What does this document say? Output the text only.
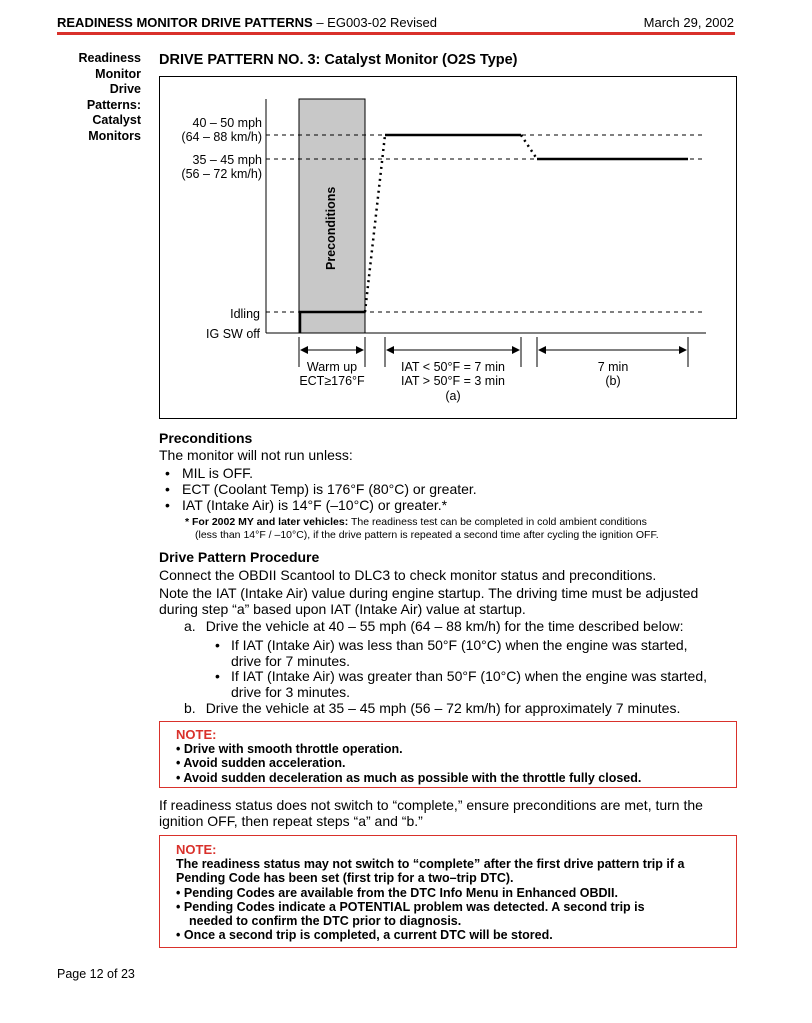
READINESS MONITOR DRIVE PATTERNS – EG003-02 Revised	March 29, 2002
Readiness
Monitor
Drive
Patterns:
Catalyst
Monitors
DRIVE PATTERN NO. 3: Catalyst Monitor (O2S Type)
Preconditions
40 – 50 mph
(64 – 88 km/h)
35 – 45 mph
(56 – 72 km/h)
Idling
IG SW off
Warm up
ECT≥176°F
IAT < 50°F = 7 min
IAT > 50°F = 3 min
(a)
7 min
(b)
Preconditions
The monitor will not run unless:
• MIL is OFF.
• ECT (Coolant Temp) is 176°F (80°C) or greater.
• IAT (Intake Air) is 14°F (–10°C) or greater.*
* For 2002 MY and later vehicles: The readiness test can be completed in cold ambient conditions
(less than 14°F / –10°C), if the drive pattern is repeated a second time after cycling the ignition OFF.
Drive Pattern Procedure
Connect the OBDII Scantool to DLC3 to check monitor status and preconditions.
Note the IAT (Intake Air) value during engine startup. The driving time must be adjusted
during step “a” based upon IAT (Intake Air) value at startup.
a. Drive the vehicle at 40 – 55 mph (64 – 88 km/h) for the time described below:
• If IAT (Intake Air) was less than 50°F (10°C) when the engine was started,
drive for 7 minutes.
• If IAT (Intake Air) was greater than 50°F (10°C) when the engine was started,
drive for 3 minutes.
b. Drive the vehicle at 35 – 45 mph (56 – 72 km/h) for approximately 7 minutes.
NOTE:
• Drive with smooth throttle operation.
• Avoid sudden acceleration.
• Avoid sudden deceleration as much as possible with the throttle fully closed.
If readiness status does not switch to “complete,” ensure preconditions are met, turn the
ignition OFF, then repeat steps “a” and “b.”
NOTE:
The readiness status may not switch to “complete” after the first drive pattern trip if a
Pending Code has been set (first trip for a two–trip DTC).
• Pending Codes are available from the DTC Info Menu in Enhanced OBDII.
• Pending Codes indicate a POTENTIAL problem was detected. A second trip is
needed to confirm the DTC prior to diagnosis.
• Once a second trip is completed, a current DTC will be stored.
Page 12 of 23
